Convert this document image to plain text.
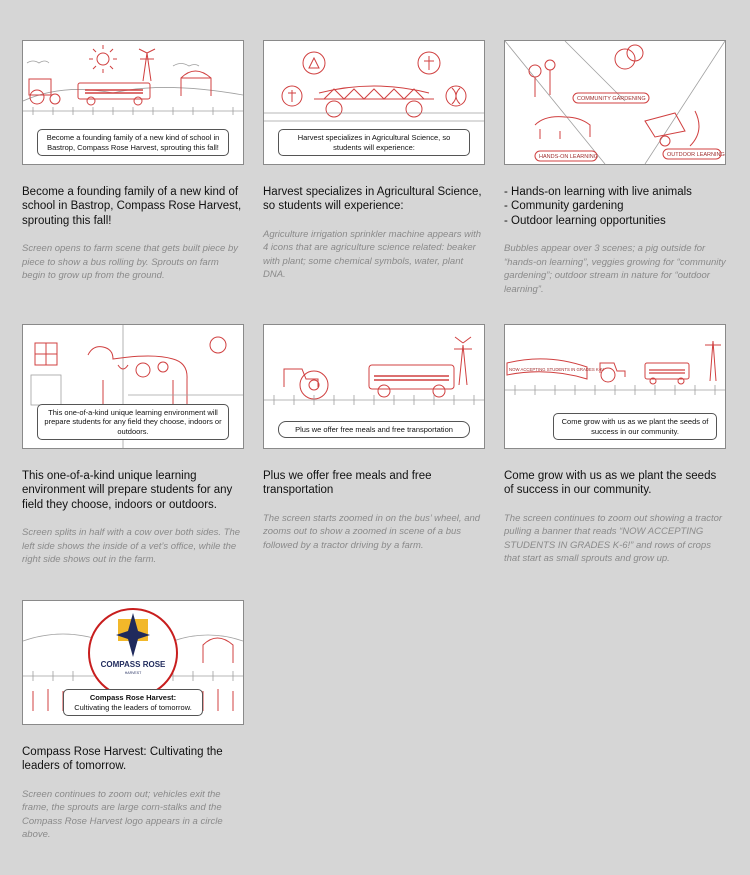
Become a founding family of a new kind of school in Bastrop, Compass Rose Harvest, sprouting this fall!
Become a founding family of a new kind of school in Bastrop, Compass Rose Harvest, sprouting this fall!
Screen opens to farm scene that gets built piece by piece to show a bus rolling by. Sprouts on farm begin to grow up from the ground.
Harvest specializes in Agricultural Science, so students will experience:
Harvest specializes in Agricultural Science, so students will experience:
Agriculture irrigation sprinkler machine appears with 4 icons that are agriculture science related: beaker with plant; some chemical symbols, water, plant DNA.
COMMUNITY GARDENING
HANDS-ON LEARNING	OUTDOOR LEARNING
- Hands-on learning with live animals
- Community gardening
- Outdoor learning opportunities
Bubbles appear over 3 scenes; a pig outside for “hands-on learning”, veggies growing for “community gardening”; outdoor stream in nature for “outdoor learning”.
This one-of-a-kind unique learning environment will prepare students for any field they choose, indoors or outdoors.
This one-of-a-kind unique learning environment will prepare students for any field they choose, indoors or outdoors.
Screen splits in half with a cow over both sides. The left side shows the inside of a vet’s office, while the right side shows out in the farm.
Plus we offer free meals and free transportation
Plus we offer free meals and free transportation
The screen starts zoomed in on the bus’ wheel, and zooms out to show a zoomed in scene of a bus followed by a tractor driving by a farm.
NOW ACCEPTING STUDENTS IN GRADES K-6!
Come grow with us as we plant the seeds of success in our community.
Come grow with us as we plant the seeds of success in our community.
The screen continues to zoom out showing a tractor pulling a banner that reads “NOW ACCEPTING STUDENTS IN GRADES K-6!” and rows of crops that start as small sprouts and grow up.
COMPASS ROSE
HARVEST
Compass Rose Harvest:
Cultivating the leaders of tomorrow.
Compass Rose Harvest: Cultivating the leaders of tomorrow.
Screen continues to zoom out; vehicles exit the frame, the sprouts are large corn-stalks and the Compass Rose Harvest logo appears in a circle above.
